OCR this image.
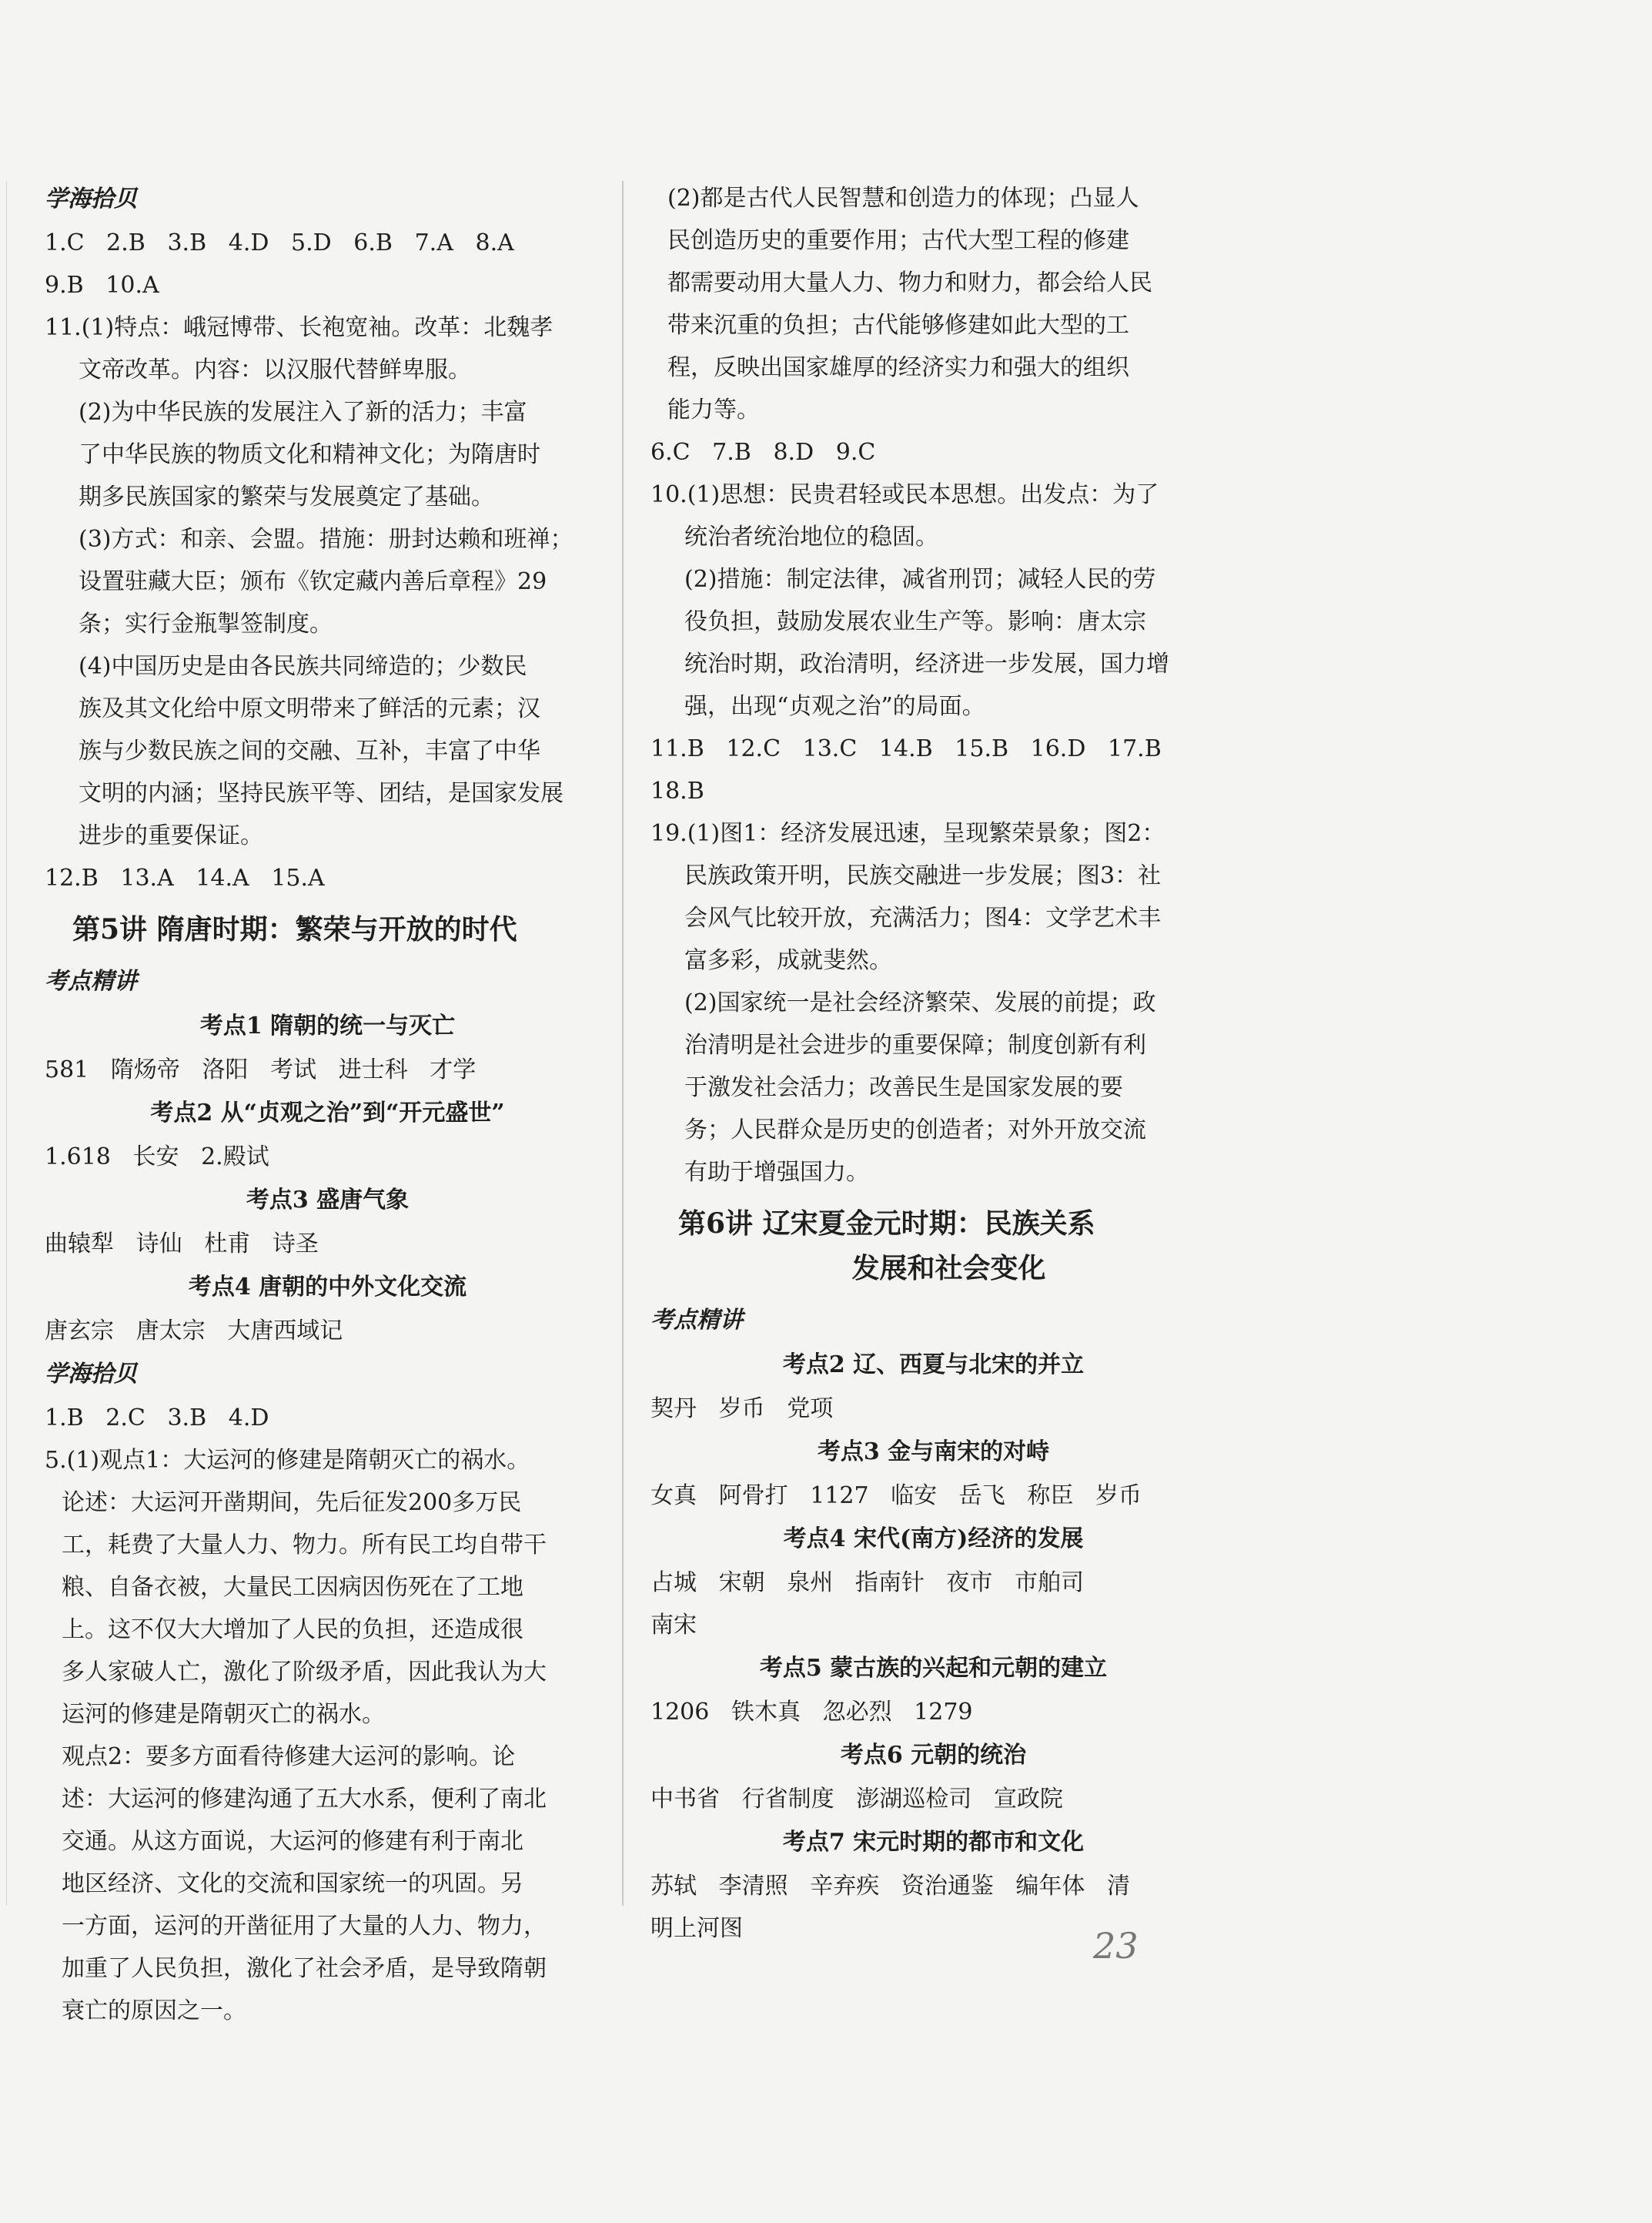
学海拾贝
1.C   2.B   3.B   4.D   5.D   6.B   7.A   8.A
9.B   10.A
11.(1)特点：峨冠博带、长袍宽袖。改革：北魏孝
文帝改革。内容：以汉服代替鲜卑服。
(2)为中华民族的发展注入了新的活力；丰富
了中华民族的物质文化和精神文化；为隋唐时
期多民族国家的繁荣与发展奠定了基础。
(3)方式：和亲、会盟。措施：册封达赖和班禅；
设置驻藏大臣；颁布《钦定藏内善后章程》29
条；实行金瓶掣签制度。
(4)中国历史是由各民族共同缔造的；少数民
族及其文化给中原文明带来了鲜活的元素；汉
族与少数民族之间的交融、互补，丰富了中华
文明的内涵；坚持民族平等、团结，是国家发展
进步的重要保证。
12.B   13.A   14.A   15.A
第5讲 隋唐时期：繁荣与开放的时代
考点精讲
考点1 隋朝的统一与灭亡
581   隋炀帝   洛阳   考试   进士科   才学
考点2 从“贞观之治”到“开元盛世”
1.618   长安   2.殿试
考点3 盛唐气象
曲辕犁   诗仙   杜甫   诗圣
考点4 唐朝的中外文化交流
唐玄宗   唐太宗   大唐西域记
学海拾贝
1.B   2.C   3.B   4.D
5.(1)观点1：大运河的修建是隋朝灭亡的祸水。
论述：大运河开凿期间，先后征发200多万民
工，耗费了大量人力、物力。所有民工均自带干
粮、自备衣被，大量民工因病因伤死在了工地
上。这不仅大大增加了人民的负担，还造成很
多人家破人亡，激化了阶级矛盾，因此我认为大
运河的修建是隋朝灭亡的祸水。
观点2：要多方面看待修建大运河的影响。论
述：大运河的修建沟通了五大水系，便利了南北
交通。从这方面说，大运河的修建有利于南北
地区经济、文化的交流和国家统一的巩固。另
一方面，运河的开凿征用了大量的人力、物力，
加重了人民负担，激化了社会矛盾，是导致隋朝
衰亡的原因之一。
(2)都是古代人民智慧和创造力的体现；凸显人
民创造历史的重要作用；古代大型工程的修建
都需要动用大量人力、物力和财力，都会给人民
带来沉重的负担；古代能够修建如此大型的工
程，反映出国家雄厚的经济实力和强大的组织
能力等。
6.C   7.B   8.D   9.C
10.(1)思想：民贵君轻或民本思想。出发点：为了
统治者统治地位的稳固。
(2)措施：制定法律，减省刑罚；减轻人民的劳
役负担，鼓励发展农业生产等。影响：唐太宗
统治时期，政治清明，经济进一步发展，国力增
强，出现“贞观之治”的局面。
11.B   12.C   13.C   14.B   15.B   16.D   17.B
18.B
19.(1)图1：经济发展迅速，呈现繁荣景象；图2：
民族政策开明，民族交融进一步发展；图3：社
会风气比较开放，充满活力；图4：文学艺术丰
富多彩，成就斐然。
(2)国家统一是社会经济繁荣、发展的前提；政
治清明是社会进步的重要保障；制度创新有利
于激发社会活力；改善民生是国家发展的要
务；人民群众是历史的创造者；对外开放交流
有助于增强国力。
第6讲 辽宋夏金元时期：民族关系
发展和社会变化
考点精讲
考点2 辽、西夏与北宋的并立
契丹   岁币   党项
考点3 金与南宋的对峙
女真   阿骨打   1127   临安   岳飞   称臣   岁币
考点4 宋代(南方)经济的发展
占城   宋朝   泉州   指南针   夜市   市舶司
南宋
考点5 蒙古族的兴起和元朝的建立
1206   铁木真   忽必烈   1279
考点6 元朝的统治
中书省   行省制度   澎湖巡检司   宣政院
考点7 宋元时期的都市和文化
苏轼   李清照   辛弃疾   资治通鉴   编年体   清
明上河图	23
